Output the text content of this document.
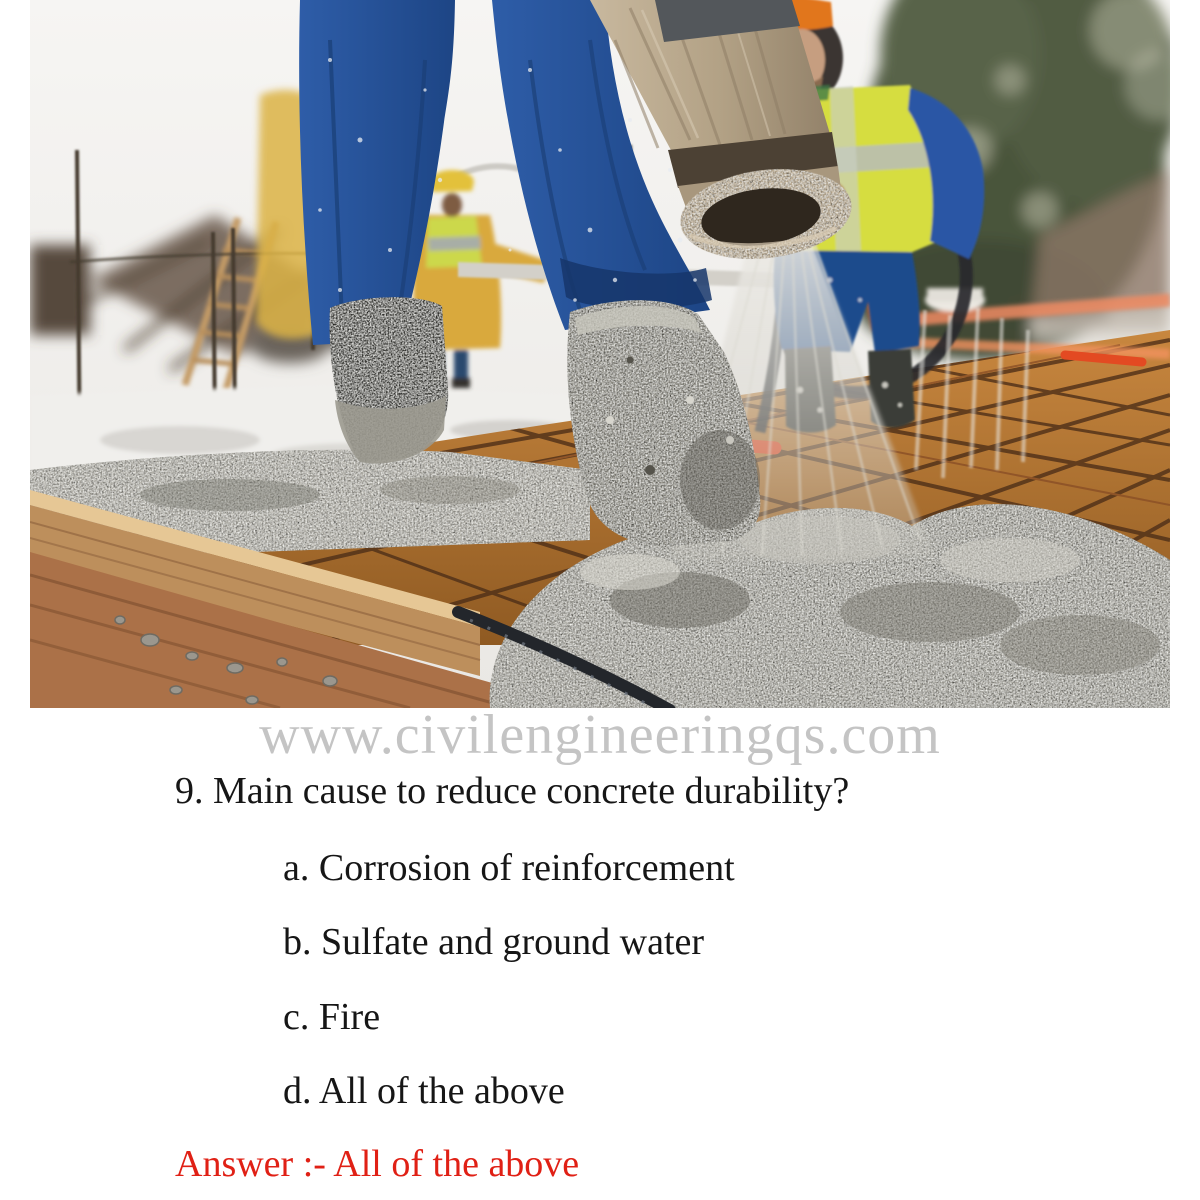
www.civilengineeringqs.com
9. Main cause to reduce concrete durability?
a. Corrosion of reinforcement
b. Sulfate and ground water
c. Fire
d. All of the above
Answer :- All of the above
